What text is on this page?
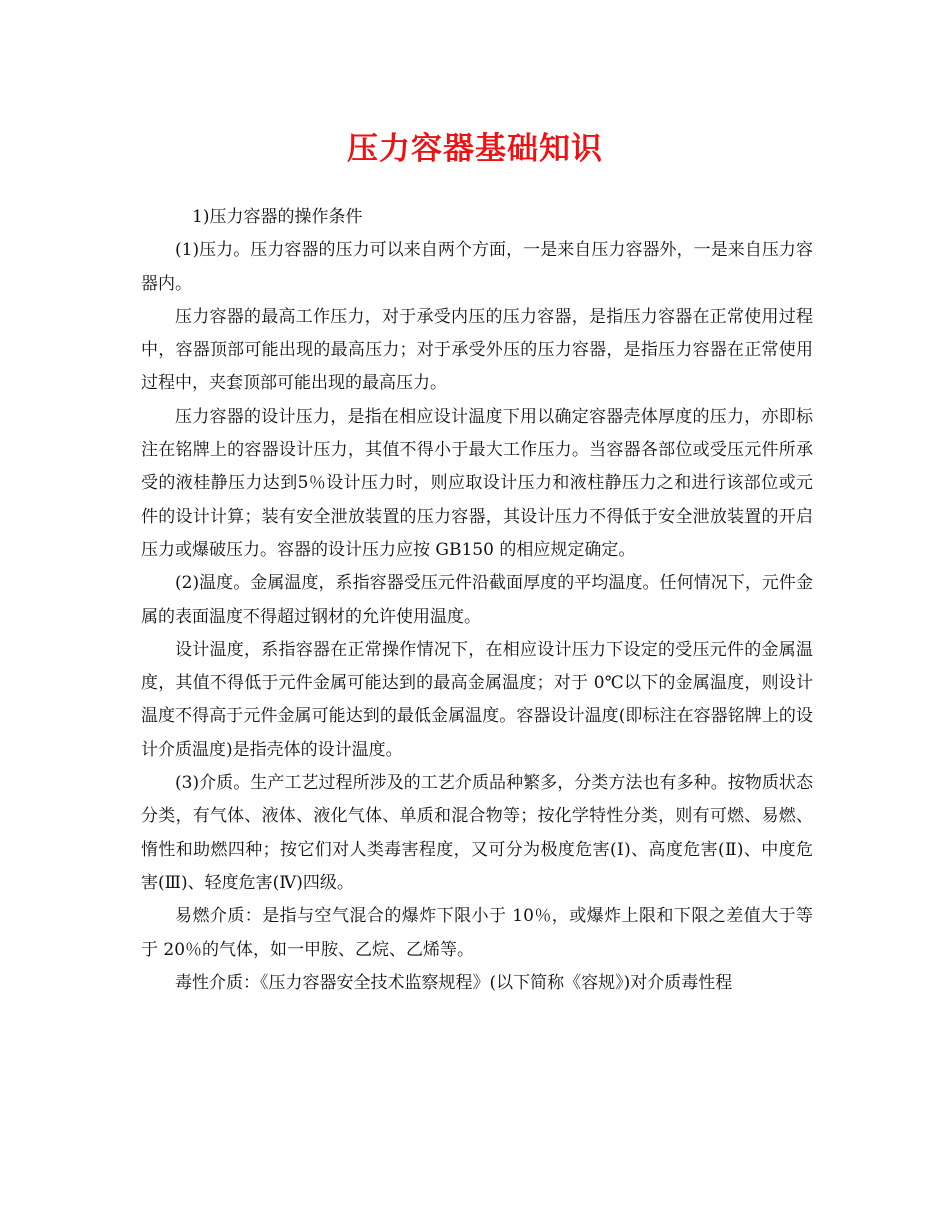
压力容器基础知识

1)压力容器的操作条件

(1)压力。压力容器的压力可以来自两个方面，一是来自压力容器外，一是来自压力容器内。

压力容器的最高工作压力，对于承受内压的压力容器，是指压力容器在正常使用过程中，容器顶部可能出现的最高压力；对于承受外压的压力容器，是指压力容器在正常使用过程中，夹套顶部可能出现的最高压力。

压力容器的设计压力，是指在相应设计温度下用以确定容器壳体厚度的压力，亦即标注在铭牌上的容器设计压力，其值不得小于最大工作压力。当容器各部位或受压元件所承受的液桂静压力达到5％设计压力时，则应取设计压力和液柱静压力之和进行该部位或元件的设计计算；装有安全泄放装置的压力容器，其设计压力不得低于安全泄放装置的开启压力或爆破压力。容器的设计压力应按 GB150 的相应规定确定。

(2)温度。金属温度，系指容器受压元件沿截面厚度的平均温度。任何情况下，元件金属的表面温度不得超过钢材的允许使用温度。

设计温度，系指容器在正常操作情况下，在相应设计压力下设定的受压元件的金属温度，其值不得低于元件金属可能达到的最高金属温度；对于 0℃以下的金属温度，则设计温度不得高于元件金属可能达到的最低金属温度。容器设计温度(即标注在容器铭牌上的设计介质温度)是指壳体的设计温度。

(3)介质。生产工艺过程所涉及的工艺介质品种繁多，分类方法也有多种。按物质状态分类，有气体、液体、液化气体、单质和混合物等；按化学特性分类，则有可燃、易燃、惰性和助燃四种；按它们对人类毒害程度，又可分为极度危害(Ⅰ)、高度危害(Ⅱ)、中度危害(Ⅲ)、轻度危害(Ⅳ)四级。

易燃介质：是指与空气混合的爆炸下限小于 10％，或爆炸上限和下限之差值大于等于 20％的气体，如一甲胺、乙烷、乙烯等。

毒性介质：《压力容器安全技术监察规程》(以下简称《容规》)对介质毒性程
